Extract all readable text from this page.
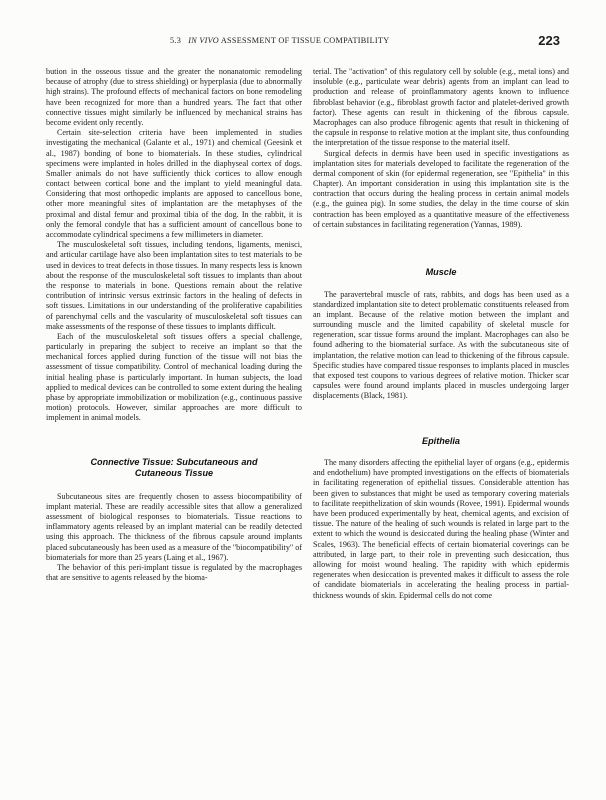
5.3 IN VIVO ASSESSMENT OF TISSUE COMPATIBILITY	223

bution in the osseous tissue and the greater the nonanatomic remodeling because of atrophy (due to stress shielding) or hyperplasia (due to abnormally high strains). The profound effects of mechanical factors on bone remodeling have been recognized for more than a hundred years. The fact that other connective tissues might similarly be influenced by mechanical strains has become evident only recently.

Certain site-selection criteria have been implemented in studies investigating the mechanical (Galante et al., 1971) and chemical (Geesink et al., 1987) bonding of bone to biomaterials. In these studies, cylindrical specimens were implanted in holes drilled in the diaphyseal cortex of dogs. Smaller animals do not have sufficiently thick cortices to allow enough contact between cortical bone and the implant to yield meaningful data. Considering that most orthopedic implants are apposed to cancellous bone, other more meaningful sites of implantation are the metaphyses of the proximal and distal femur and proximal tibia of the dog. In the rabbit, it is only the femoral condyle that has a sufficient amount of cancellous bone to accommodate cylindrical specimens a few millimeters in diameter.

The musculoskeletal soft tissues, including tendons, ligaments, menisci, and articular cartilage have also been implantation sites to test materials to be used in devices to treat defects in those tissues. In many respects less is known about the response of the musculoskeletal soft tissues to implants than about the response to materials in bone. Questions remain about the relative contribution of intrinsic versus extrinsic factors in the healing of defects in soft tissues. Limitations in our understanding of the proliferative capabilities of parenchymal cells and the vascularity of musculoskeletal soft tissues can make assessments of the response of these tissues to implants difficult.

Each of the musculoskeletal soft tissues offers a special challenge, particularly in preparing the subject to receive an implant so that the mechanical forces applied during function of the tissue will not bias the assessment of tissue compatibility. Control of mechanical loading during the initial healing phase is particularly important. In human subjects, the load applied to medical devices can be controlled to some extent during the healing phase by appropriate immobilization or mobilization (e.g., continuous passive motion) protocols. However, similar approaches are more difficult to implement in animal models.

Connective Tissue: Subcutaneous and
Cutaneous Tissue

Subcutaneous sites are frequently chosen to assess biocompatibility of implant material. These are readily accessible sites that allow a generalized assessment of biological responses to biomaterials. Tissue reactions to inflammatory agents released by an implant material can be readily detected using this approach. The thickness of the fibrous capsule around implants placed subcutaneously has been used as a measure of the "biocompatibility" of biomaterials for more than 25 years (Laing et al., 1967).

The behavior of this peri-implant tissue is regulated by the macrophages that are sensitive to agents released by the bioma-

terial. The "activation" of this regulatory cell by soluble (e.g., metal ions) and insoluble (e.g., particulate wear debris) agents from an implant can lead to production and release of proinflammatory agents known to influence fibroblast behavior (e.g., fibroblast growth factor and platelet-derived growth factor). These agents can result in thickening of the fibrous capsule. Macrophages can also produce fibrogenic agents that result in thickening of the capsule in response to relative motion at the implant site, thus confounding the interpretation of the tissue response to the material itself.

Surgical defects in dermis have been used in specific investigations as implantation sites for materials developed to facilitate the regeneration of the dermal component of skin (for epidermal regeneration, see "Epithelia" in this Chapter). An important consideration in using this implantation site is the contraction that occurs during the healing process in certain animal models (e.g., the guinea pig). In some studies, the delay in the time course of skin contraction has been employed as a quantitative measure of the effectiveness of certain substances in facilitating regeneration (Yannas, 1989).

Muscle

The paravertebral muscle of rats, rabbits, and dogs has been used as a standardized implantation site to detect problematic constituents released from an implant. Because of the relative motion between the implant and surrounding muscle and the limited capability of skeletal muscle for regeneration, scar tissue forms around the implant. Macrophages can also be found adhering to the biomaterial surface. As with the subcutaneous site of implantation, the relative motion can lead to thickening of the fibrous capsule. Specific studies have compared tissue responses to implants placed in muscles that exposed test coupons to various degrees of relative motion. Thicker scar capsules were found around implants placed in muscles undergoing larger displacements (Black, 1981).

Epithelia

The many disorders affecting the epithelial layer of organs (e.g., epidermis and endothelium) have prompted investigations on the effects of biomaterials in facilitating regeneration of epithelial tissues. Considerable attention has been given to substances that might be used as temporary covering materials to facilitate reepithelization of skin wounds (Rovee, 1991). Epidermal wounds have been produced experimentally by heat, chemical agents, and excision of tissue. The nature of the healing of such wounds is related in large part to the extent to which the wound is desiccated during the healing phase (Winter and Scales, 1963). The beneficial effects of certain biomaterial coverings can be attributed, in large part, to their role in preventing such desiccation, thus allowing for moist wound healing. The rapidity with which epidermis regenerates when desiccation is prevented makes it difficult to assess the role of candidate biomaterials in accelerating the healing process in partial-thickness wounds of skin. Epidermal cells do not come
